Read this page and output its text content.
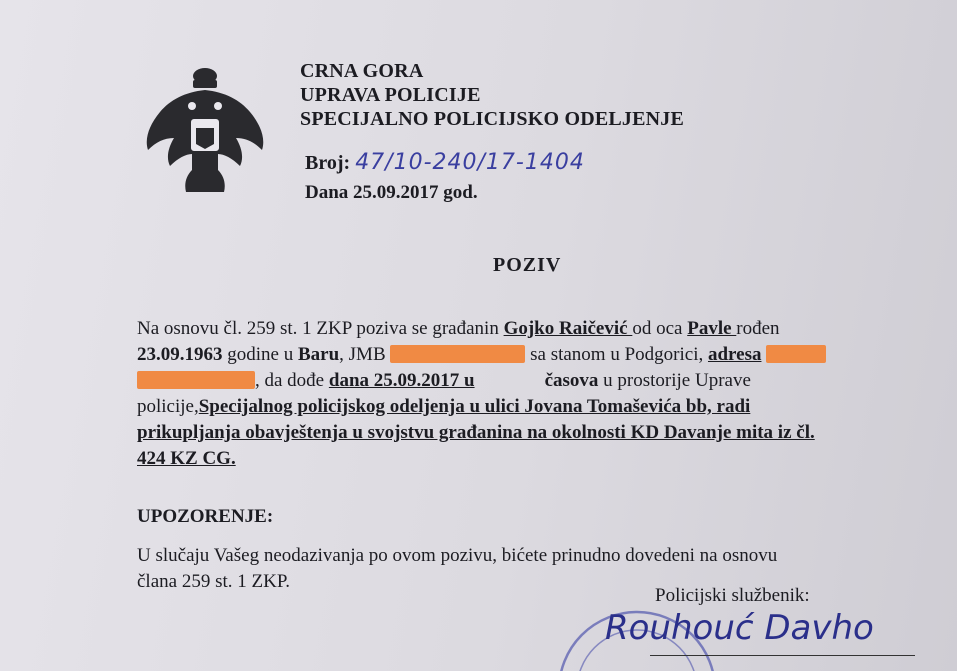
CRNA GORA
UPRAVA POLICIJE
SPECIJALNO POLICIJSKO ODELJENJE
Broj: 47/10-240/17-1404
Dana 25.09.2017 god.
POZIV
Na osnovu čl. 259 st. 1 ZKP poziva se građanin Gojko Raičević od oca Pavle rođen
23.09.1963 godine u Baru, JMB	sa stanom u Podgorici, adresa
, da dođe dana 25.09.2017 u	časova u prostorije Uprave
policije,Specijalnog policijskog odeljenja u ulici Jovana Tomaševića bb, radi
prikupljanja obavještenja u svojstvu građanina na okolnosti KD Davanje mita iz čl.
424 KZ CG.
UPOZORENJE:
U slučaju Vašeg neodazivanja po ovom pozivu, bićete prinudno dovedeni na osnovu
člana 259 st. 1 ZKP.
Policijski službenik:
Rouhouć Davho
